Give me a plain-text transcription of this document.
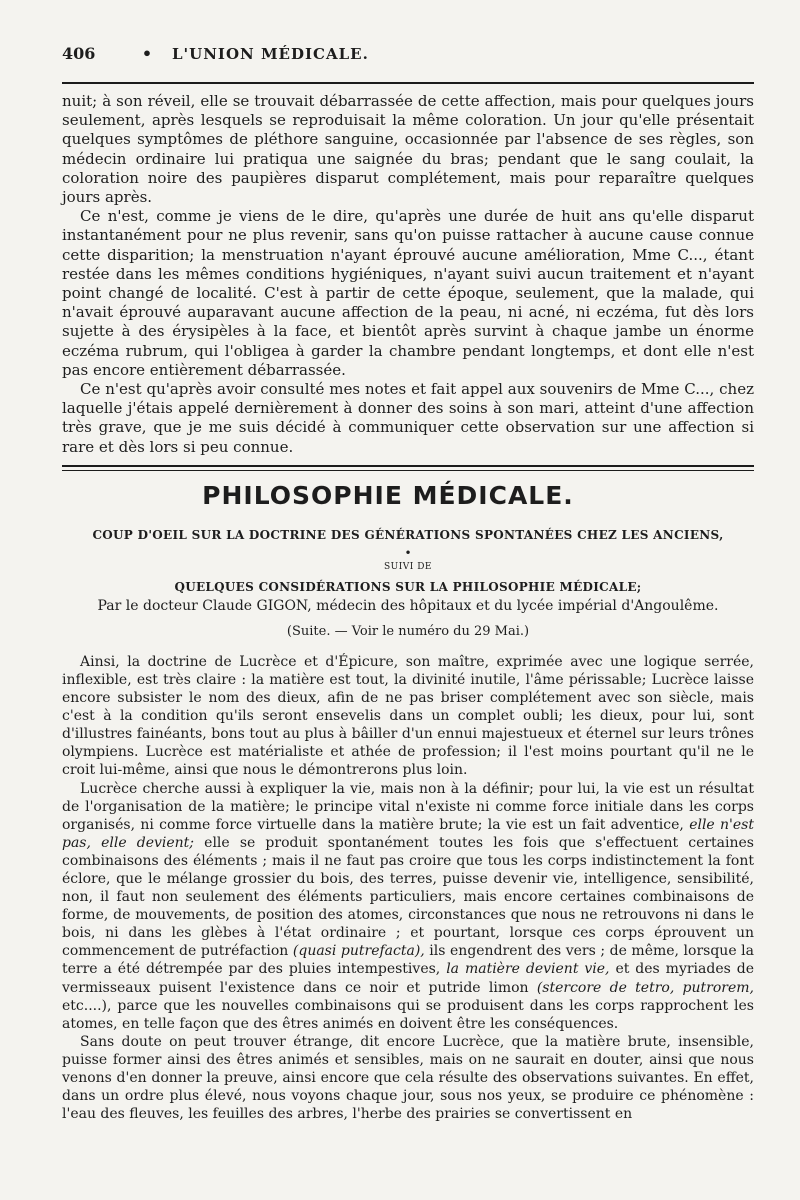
406	•	L'UNION MÉDICALE.

nuit; à son réveil, elle se trouvait débarrassée de cette affection, mais pour quelques jours seulement, après lesquels se reproduisait la même coloration. Un jour qu'elle présentait quelques symptômes de pléthore sanguine, occasionnée par l'absence de ses règles, son médecin ordinaire lui pratiqua une saignée du bras; pendant que le sang coulait, la coloration noire des paupières disparut complétement, mais pour reparaître quelques jours après.

Ce n'est, comme je viens de le dire, qu'après une durée de huit ans qu'elle disparut instantanément pour ne plus revenir, sans qu'on puisse rattacher à aucune cause connue cette disparition; la menstruation n'ayant éprouvé aucune amélioration, Mme C..., étant restée dans les mêmes conditions hygiéniques, n'ayant suivi aucun traitement et n'ayant point changé de localité. C'est à partir de cette époque, seulement, que la malade, qui n'avait éprouvé auparavant aucune affection de la peau, ni acné, ni eczéma, fut dès lors sujette à des érysipèles à la face, et bientôt après survint à chaque jambe un énorme eczéma rubrum, qui l'obligea à garder la chambre pendant longtemps, et dont elle n'est pas encore entièrement débarrassée.

Ce n'est qu'après avoir consulté mes notes et fait appel aux souvenirs de Mme C..., chez laquelle j'étais appelé dernièrement à donner des soins à son mari, atteint d'une affection très grave, que je me suis décidé à communiquer cette observation sur une affection si rare et dès lors si peu connue.

PHILOSOPHIE MÉDICALE.

COUP D'OEIL SUR LA DOCTRINE DES GÉNÉRATIONS SPONTANÉES CHEZ LES ANCIENS,

•

SUIVI DE

QUELQUES CONSIDÉRATIONS SUR LA PHILOSOPHIE MÉDICALE;

Par le docteur Claude GIGON, médecin des hôpitaux et du lycée impérial d'Angoulême.

(Suite. — Voir le numéro du 29 Mai.)

Ainsi, la doctrine de Lucrèce et d'Épicure, son maître, exprimée avec une logique serrée, inflexible, est très claire : la matière est tout, la divinité inutile, l'âme périssable; Lucrèce laisse encore subsister le nom des dieux, afin de ne pas briser complétement avec son siècle, mais c'est à la condition qu'ils seront ensevelis dans un complet oubli; les dieux, pour lui, sont d'illustres fainéants, bons tout au plus à bâiller d'un ennui majestueux et éternel sur leurs trônes olympiens. Lucrèce est matérialiste et athée de profession; il l'est moins pourtant qu'il ne le croit lui-même, ainsi que nous le démontrerons plus loin.

Lucrèce cherche aussi à expliquer la vie, mais non à la définir; pour lui, la vie est un résultat de l'organisation de la matière; le principe vital n'existe ni comme force initiale dans les corps organisés, ni comme force virtuelle dans la matière brute; la vie est un fait adventice, elle n'est pas, elle devient; elle se produit spontanément toutes les fois que s'effectuent certaines combinaisons des éléments ; mais il ne faut pas croire que tous les corps indistinctement la font éclore, que le mélange grossier du bois, des terres, puisse devenir vie, intelligence, sensibilité, non, il faut non seulement des éléments particuliers, mais encore certaines combinaisons de forme, de mouvements, de position des atomes, circonstances que nous ne retrouvons ni dans le bois, ni dans les glèbes à l'état ordinaire ; et pourtant, lorsque ces corps éprouvent un commencement de putréfaction (quasi putrefacta), ils engendrent des vers ; de même, lorsque la terre a été détrempée par des pluies intempestives, la matière devient vie, et des myriades de vermisseaux puisent l'existence dans ce noir et putride limon (stercore de tetro, putrorem, etc....), parce que les nouvelles combinaisons qui se produisent dans les corps rapprochent les atomes, en telle façon que des êtres animés en doivent être les conséquences.

Sans doute on peut trouver étrange, dit encore Lucrèce, que la matière brute, insensible, puisse former ainsi des êtres animés et sensibles, mais on ne saurait en douter, ainsi que nous venons d'en donner la preuve, ainsi encore que cela résulte des observations suivantes. En effet, dans un ordre plus élevé, nous voyons chaque jour, sous nos yeux, se produire ce phénomène : l'eau des fleuves, les feuilles des arbres, l'herbe des prairies se convertissent en
